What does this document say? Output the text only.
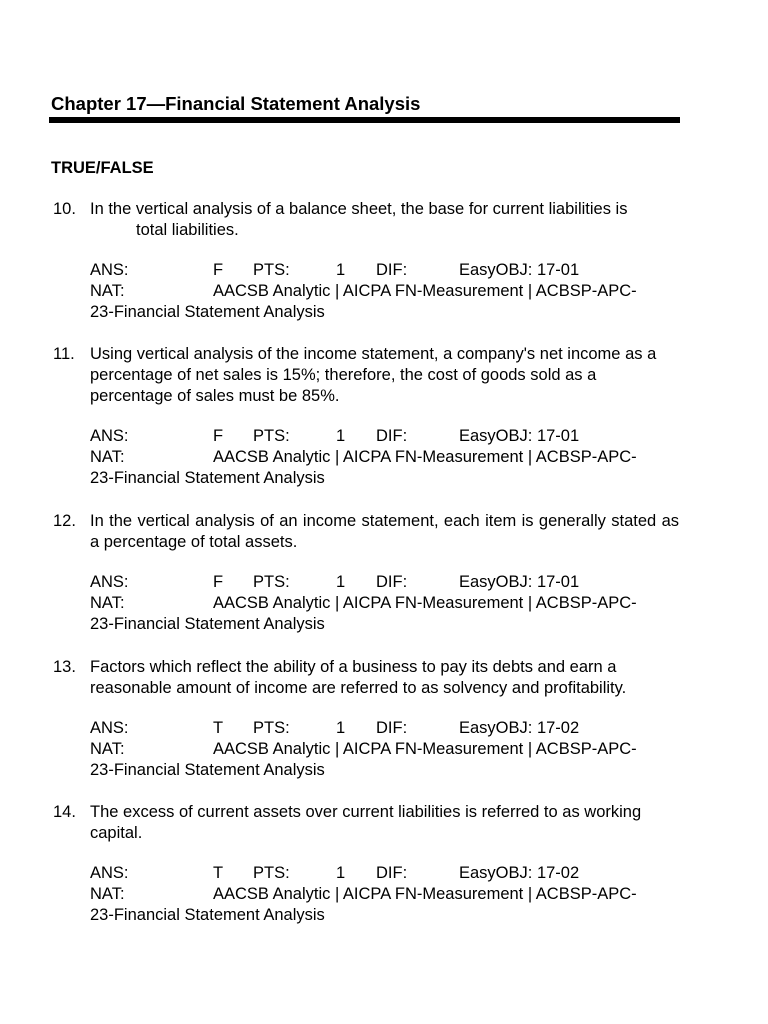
Chapter 17—Financial Statement Analysis
TRUE/FALSE
10. In the vertical analysis of a balance sheet, the base for current liabilities is
total liabilities.
ANS:	F PTS:	1 DIF:	EasyOBJ: 17-01
NAT:	AACSB Analytic | AICPA FN-Measurement | ACBSP-APC-
23-Financial Statement Analysis
11. Using vertical analysis of the income statement, a company's net income as a percentage of net sales is 15%; therefore, the cost of goods sold as a percentage of sales must be 85%.
ANS:	F PTS:	1 DIF:	EasyOBJ: 17-01
NAT:	AACSB Analytic | AICPA FN-Measurement | ACBSP-APC-
23-Financial Statement Analysis
12. In the vertical analysis of an income statement, each item is generally stated as a percentage of total assets.
ANS:	F PTS:	1 DIF:	EasyOBJ: 17-01
NAT:	AACSB Analytic | AICPA FN-Measurement | ACBSP-APC-
23-Financial Statement Analysis
13. Factors which reflect the ability of a business to pay its debts and earn a reasonable amount of income are referred to as solvency and profitability.
ANS:	T PTS:	1 DIF:	EasyOBJ: 17-02
NAT:	AACSB Analytic | AICPA FN-Measurement | ACBSP-APC-
23-Financial Statement Analysis
14. The excess of current assets over current liabilities is referred to as working capital.
ANS:	T PTS:	1 DIF:	EasyOBJ: 17-02
NAT:	AACSB Analytic | AICPA FN-Measurement | ACBSP-APC-
23-Financial Statement Analysis
